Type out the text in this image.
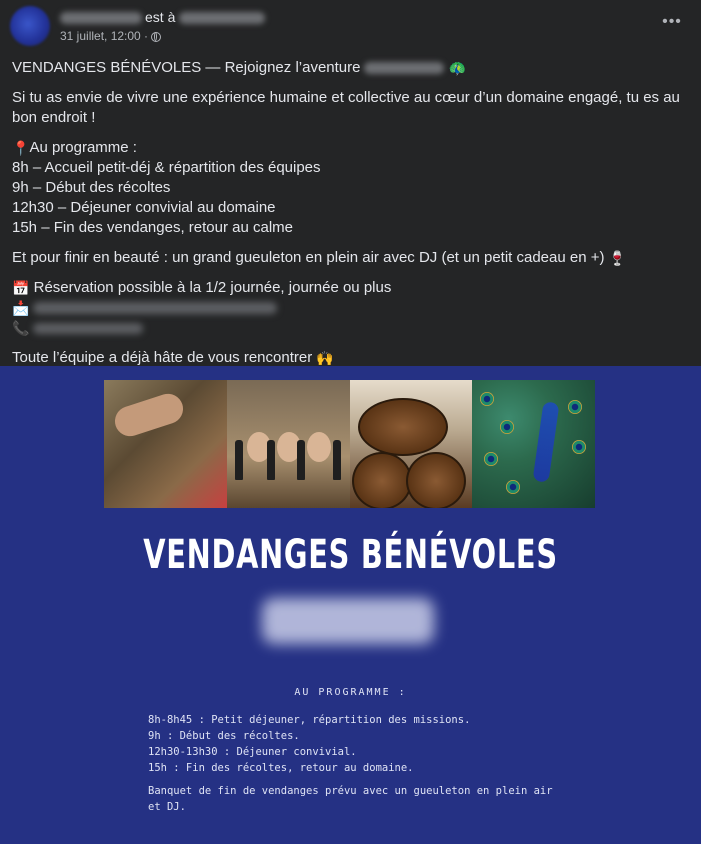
est à
31 juillet, 12:00 ·
•••

VENDANGES BÉNÉVOLES — Rejoignez l’aventure	🦚

Si tu as envie de vivre une expérience humaine et collective au cœur d’un domaine engagé, tu es au bon endroit !

📍Au programme :

8h – Accueil petit-déj & répartition des équipes

9h – Début des récoltes

12h30 – Déjeuner convivial au domaine

15h – Fin des vendanges, retour au calme

Et pour finir en beauté : un grand gueuleton en plein air avec DJ (et un petit cadeau en +) 🍷

📅 Réservation possible à la 1/2 journée, journée ou plus

📩

📞

Toute l’équipe a déjà hâte de vous rencontrer 🙌

VENDANGES BÉNÉVOLES
AU PROGRAMME :
8h-8h45 : Petit déjeuner, répartition des missions.
9h : Début des récoltes.
12h30-13h30 : Déjeuner convivial.
15h : Fin des récoltes, retour au domaine.
Banquet de fin de vendanges prévu avec un gueuleton en plein air et DJ.
